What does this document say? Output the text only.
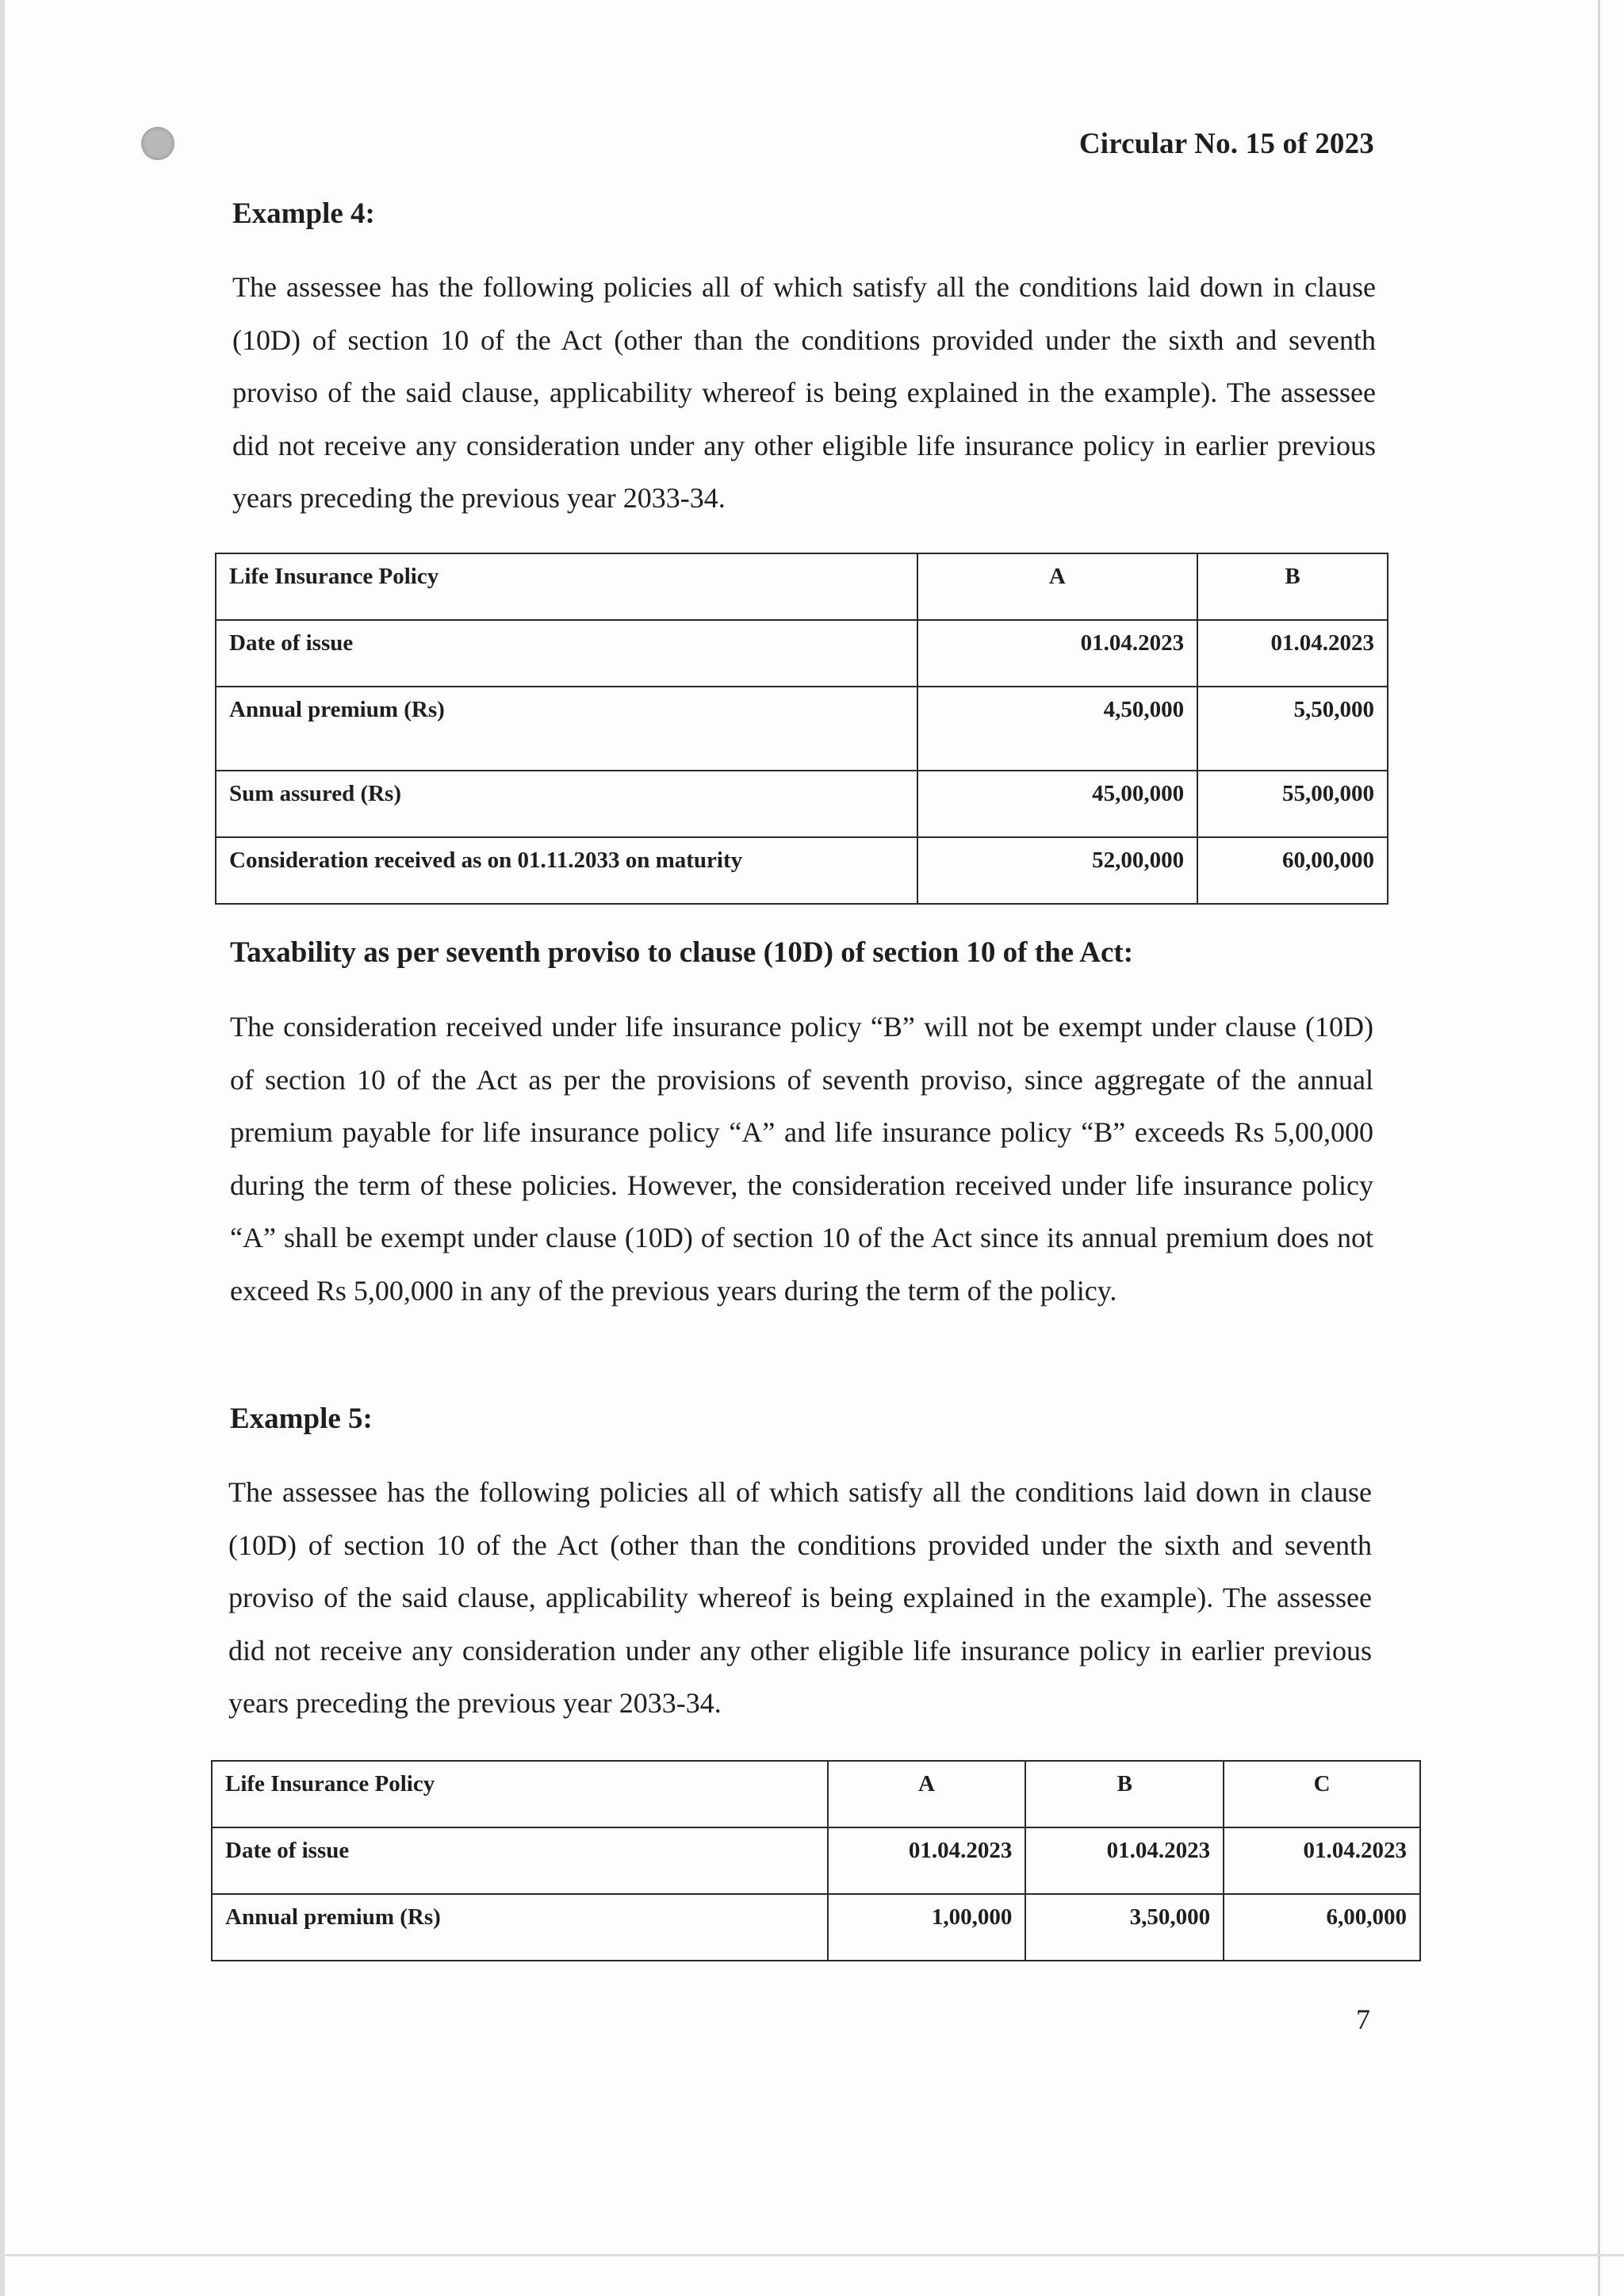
Circular No. 15 of 2023
Example 4:
The assessee has the following policies all of which satisfy all the conditions laid down in clause (10D) of section 10 of the Act (other than the conditions provided under the sixth and seventh proviso of the said clause, applicability whereof is being explained in the example). The assessee did not receive any consideration under any other eligible life insurance policy in earlier previous years preceding the previous year 2033-34.
Life Insurance Policy	A	B
Date of issue	01.04.2023	01.04.2023
Annual premium (Rs)	4,50,000	5,50,000
Sum assured (Rs)	45,00,000	55,00,000
Consideration received as on 01.11.2033 on maturity	52,00,000	60,00,000
Taxability as per seventh proviso to clause (10D) of section 10 of the Act:
The consideration received under life insurance policy “B” will not be exempt under clause (10D) of section 10 of the Act as per the provisions of seventh proviso, since aggregate of the annual premium payable for life insurance policy “A” and life insurance policy “B” exceeds Rs 5,00,000 during the term of these policies. However, the consideration received under life insurance policy “A” shall be exempt under clause (10D) of section 10 of the Act since its annual premium does not exceed Rs 5,00,000 in any of the previous years during the term of the policy.
Example 5:
The assessee has the following policies all of which satisfy all the conditions laid down in clause (10D) of section 10 of the Act (other than the conditions provided under the sixth and seventh proviso of the said clause, applicability whereof is being explained in the example). The assessee did not receive any consideration under any other eligible life insurance policy in earlier previous years preceding the previous year 2033-34.
Life Insurance Policy	A	B	C
Date of issue	01.04.2023	01.04.2023	01.04.2023
Annual premium (Rs)	1,00,000	3,50,000	6,00,000
7
